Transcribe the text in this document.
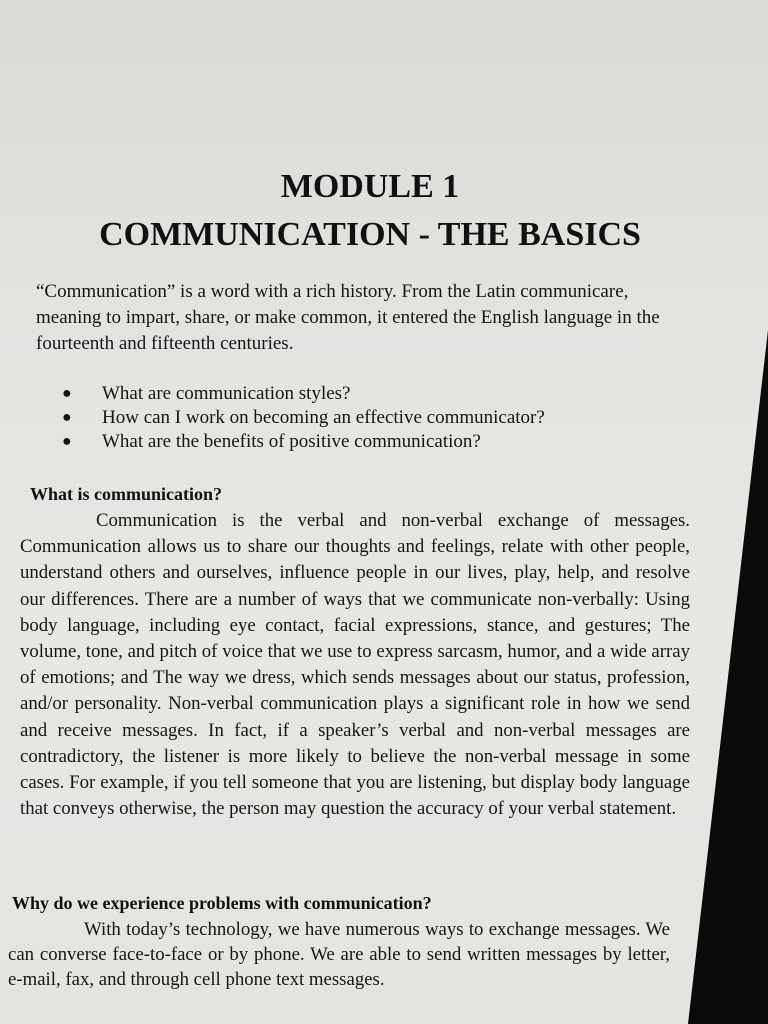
MODULE 1
COMMUNICATION - THE BASICS

“Communication” is a word with a rich history. From the Latin communicare, meaning to impart, share, or make common, it entered the English language in the fourteenth and fifteenth centuries.

●	What are communication styles?
●	How can I work on becoming an effective communicator?
●	What are the benefits of positive communication?
What is communication?

Communication is the verbal and non-verbal exchange of messages. Communication allows us to share our thoughts and feelings, relate with other people, understand others and ourselves, influence people in our lives, play, help, and resolve our differences. There are a number of ways that we communicate non-verbally: Using body language, including eye contact, facial expressions, stance, and gestures; The volume, tone, and pitch of voice that we use to express sarcasm, humor, and a wide array of emotions; and The way we dress, which sends messages about our status, profession, and/or personality. Non-verbal communication plays a significant role in how we send and receive messages. In fact, if a speaker’s verbal and non-verbal messages are contradictory, the listener is more likely to believe the non-verbal message in some cases. For example, if you tell someone that you are listening, but display body language that conveys otherwise, the person may question the accuracy of your verbal statement.

Why do we experience problems with communication?

With today’s technology, we have numerous ways to exchange messages. We can converse face-to-face or by phone. We are able to send written messages by letter, e-mail, fax, and through cell phone text messages.
